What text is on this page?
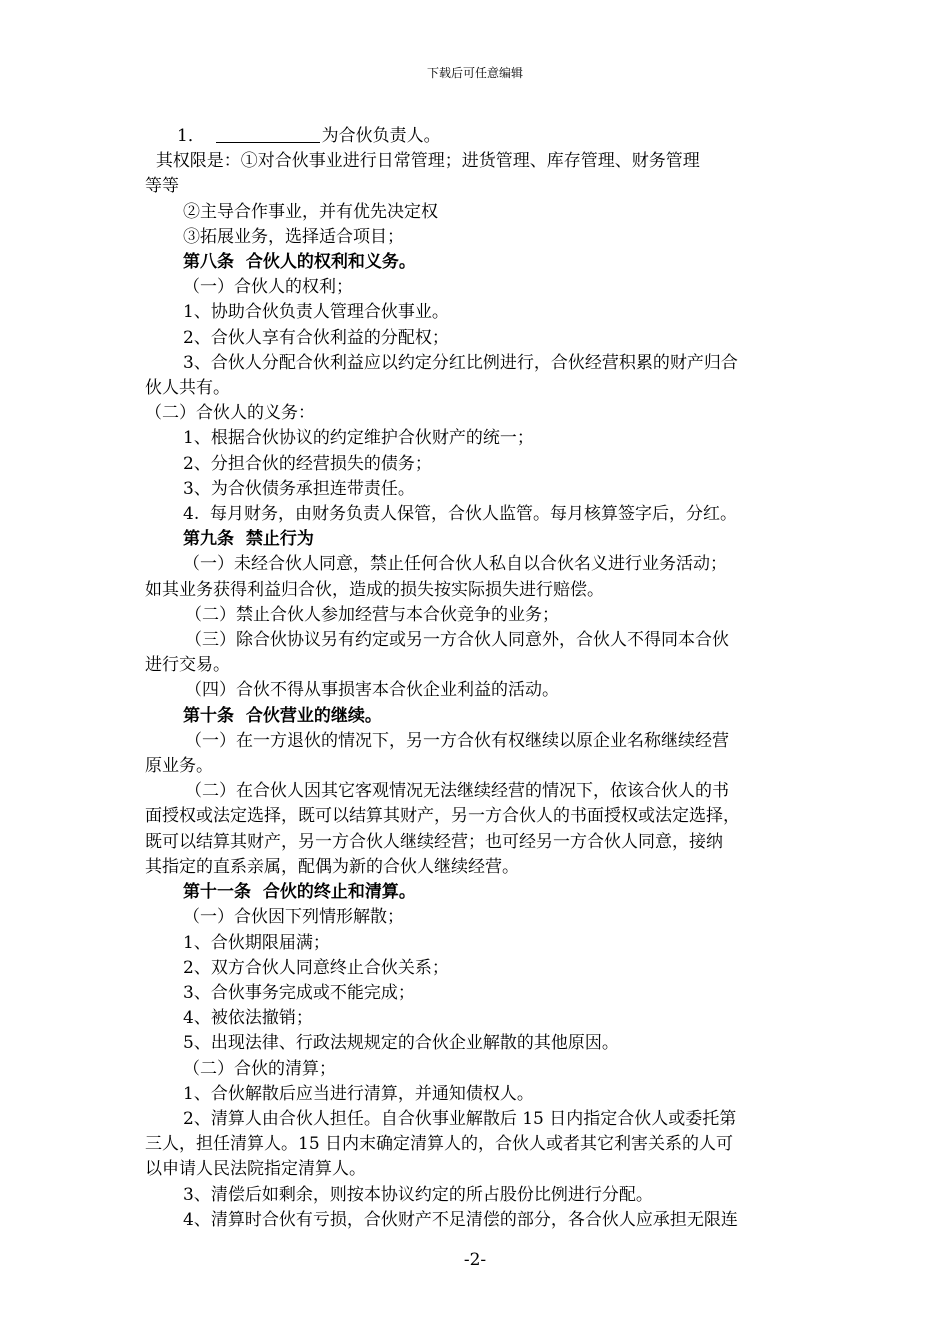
下载后可任意编辑

1．	为合伙负责人。

其权限是：①对合伙事业进行日常管理；进货管理、库存管理、财务管理

等等

②主导合作事业，并有优先决定权

③拓展业务，选择适合项目；

第八条  合伙人的权利和义务。

（一）合伙人的权利；

1、协助合伙负责人管理合伙事业。

2、合伙人享有合伙利益的分配权；

3、合伙人分配合伙利益应以约定分红比例进行，合伙经营积累的财产归合

伙人共有。

（二）合伙人的义务：

1、根据合伙协议的约定维护合伙财产的统一；

2、分担合伙的经营损失的债务；

3、为合伙债务承担连带责任。

4.  每月财务，由财务负责人保管，合伙人监管。每月核算签字后，分红。

第九条  禁止行为

（一）未经合伙人同意，禁止任何合伙人私自以合伙名义进行业务活动；

如其业务获得利益归合伙，造成的损失按实际损失进行赔偿。

（二）禁止合伙人参加经营与本合伙竞争的业务；

（三）除合伙协议另有约定或另一方合伙人同意外，合伙人不得同本合伙

进行交易。

（四）合伙不得从事损害本合伙企业利益的活动。

第十条  合伙营业的继续。

（一）在一方退伙的情况下，另一方合伙有权继续以原企业名称继续经营

原业务。

（二）在合伙人因其它客观情况无法继续经营的情况下，依该合伙人的书

面授权或法定选择，既可以结算其财产，另一方合伙人的书面授权或法定选择，

既可以结算其财产，另一方合伙人继续经营；也可经另一方合伙人同意，接纳

其指定的直系亲属，配偶为新的合伙人继续经营。

第十一条  合伙的终止和清算。

（一）合伙因下列情形解散；

1、合伙期限届满；

2、双方合伙人同意终止合伙关系；

3、合伙事务完成或不能完成；

4、被依法撤销；

5、出现法律、行政法规规定的合伙企业解散的其他原因。

（二）合伙的清算；

1、合伙解散后应当进行清算，并通知债权人。

2、清算人由合伙人担任。自合伙事业解散后 15 日内指定合伙人或委托第

三人，担任清算人。15 日内末确定清算人的，合伙人或者其它利害关系的人可

以申请人民法院指定清算人。

3、清偿后如剩余，则按本协议约定的所占股份比例进行分配。

4、清算时合伙有亏损，合伙财产不足清偿的部分，各合伙人应承担无限连

-2-
